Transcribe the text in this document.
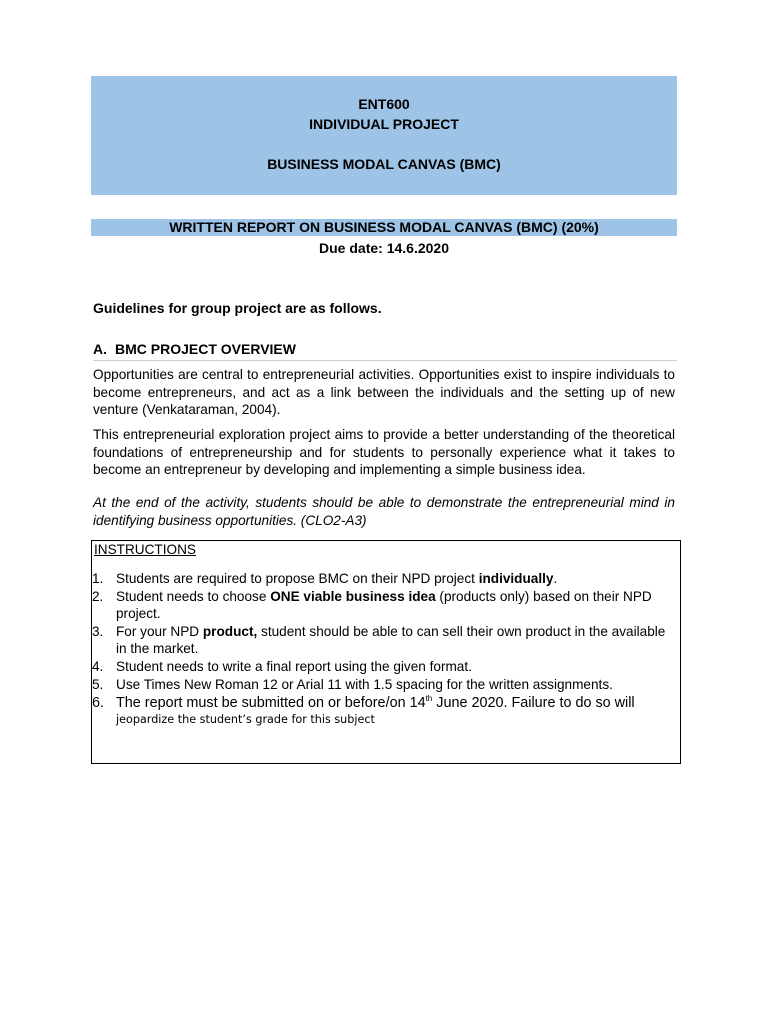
ENT600
INDIVIDUAL PROJECT
BUSINESS MODAL CANVAS (BMC)
WRITTEN REPORT ON BUSINESS MODAL CANVAS (BMC) (20%)
Due date: 14.6.2020
Guidelines for group project are as follows.
A. BMC PROJECT OVERVIEW

Opportunities are central to entrepreneurial activities. Opportunities exist to inspire individuals to become entrepreneurs, and act as a link between the individuals and the setting up of new venture (Venkataraman, 2004).

This entrepreneurial exploration project aims to provide a better understanding of the theoretical foundations of entrepreneurship and for students to personally experience what it takes to become an entrepreneur by developing and implementing a simple business idea.

At the end of the activity, students should be able to demonstrate the entrepreneurial mind in identifying business opportunities. (CLO2-A3)

INSTRUCTIONS
1. Students are required to propose BMC on their NPD project individually.
2. Student needs to choose ONE viable business idea (products only) based on their NPD project.
3. For your NPD product, student should be able to can sell their own product in the available in the market.
4. Student needs to write a final report using the given format.
5. Use Times New Roman 12 or Arial 11 with 1.5 spacing for the written assignments.
6. The report must be submitted on or before/on 14th June 2020. Failure to do so will
jeopardize the student’s grade for this subject
